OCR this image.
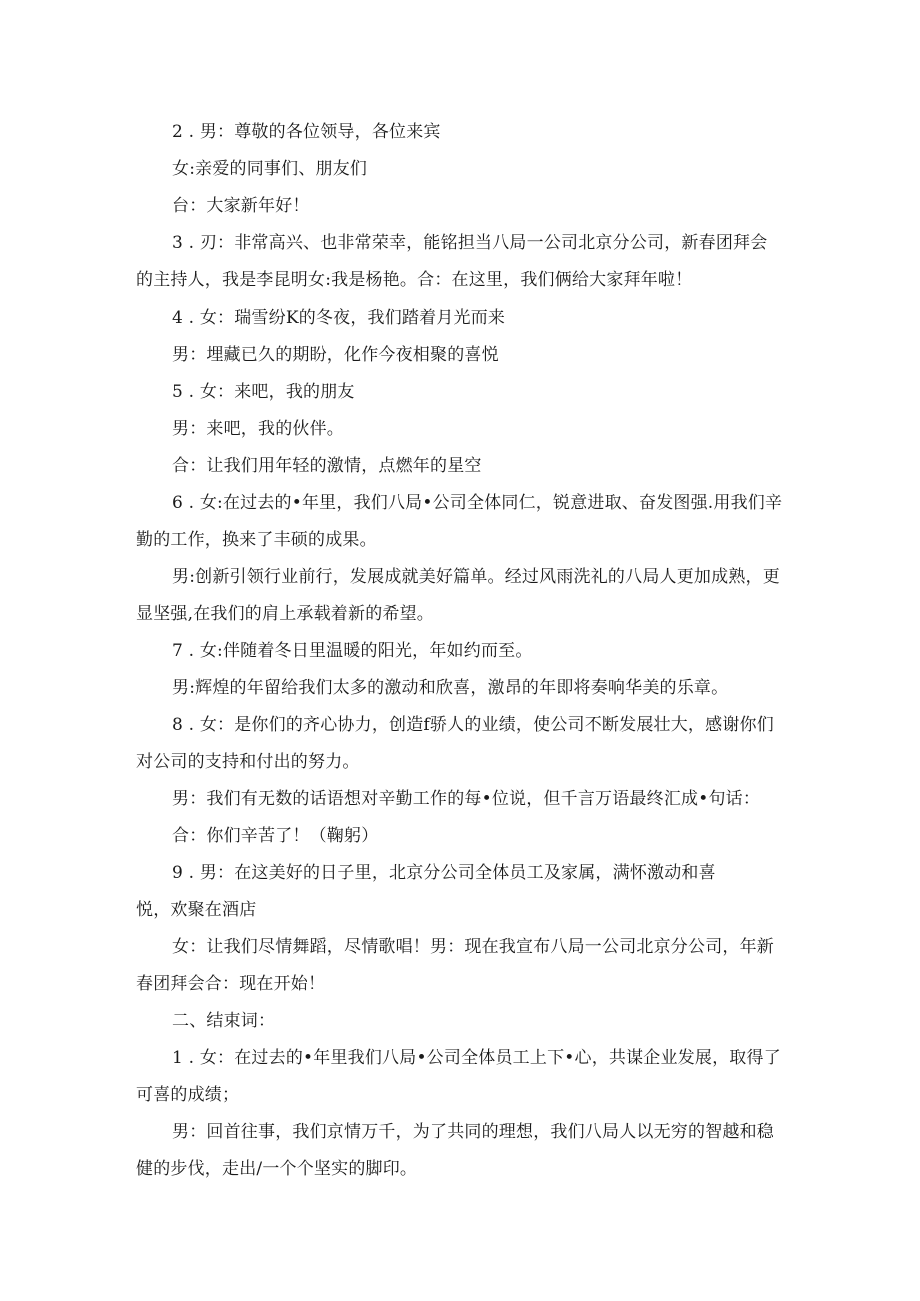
2 . 男：尊敬的各位领导，各位来宾
女:亲爱的同事们、朋友们
台：大家新年好！
3 . 刃：非常高兴、也非常荣幸，能铭担当八局一公司北京分公司，新春团拜会
的主持人，我是李昆明女:我是杨艳。合：在这里，我们俩给大家拜年啦！
4 . 女：瑞雪纷K的冬夜，我们踏着月光而来
男：埋藏已久的期盼，化作今夜相聚的喜悦
5 . 女：来吧，我的朋友
男：来吧，我的伙伴。
合：让我们用年轻的激情，点燃年的星空
6 . 女:在过去的•年里，我们八局•公司全体同仁，锐意进取、奋发图强.用我们辛
勤的工作，换来了丰硕的成果。
男:创新引领行业前行，发展成就美好篇单。经过风雨洗礼的八局人更加成熟，更
显坚强,在我们的肩上承载着新的希望。
7 . 女:伴随着冬日里温暖的阳光，年如约而至。
男:辉煌的年留给我们太多的激动和欣喜，激昂的年即将奏响华美的乐章。
8 . 女：是你们的齐心协力，创造f骄人的业绩，使公司不断发展壮大，感谢你们
对公司的支持和付出的努力。
男：我们有无数的话语想对辛勤工作的每•位说，但千言万语最终汇成•句话：
合：你们辛苦了！（鞠躬）
9 . 男：在这美好的日子里，北京分公司全体员工及家属，满怀激动和喜
悦，欢聚在酒店
女：让我们尽情舞蹈，尽情歌唱！男：现在我宣布八局一公司北京分公司，年新
春团拜会合：现在开始！
二、结束词：
1 . 女：在过去的•年里我们八局•公司全体员工上下•心，共谋企业发展，取得了
可喜的成绩；
男：回首往事，我们京情万千，为了共同的理想，我们八局人以无穷的智越和稳
健的步伐，走出/一个个坚实的脚印。
